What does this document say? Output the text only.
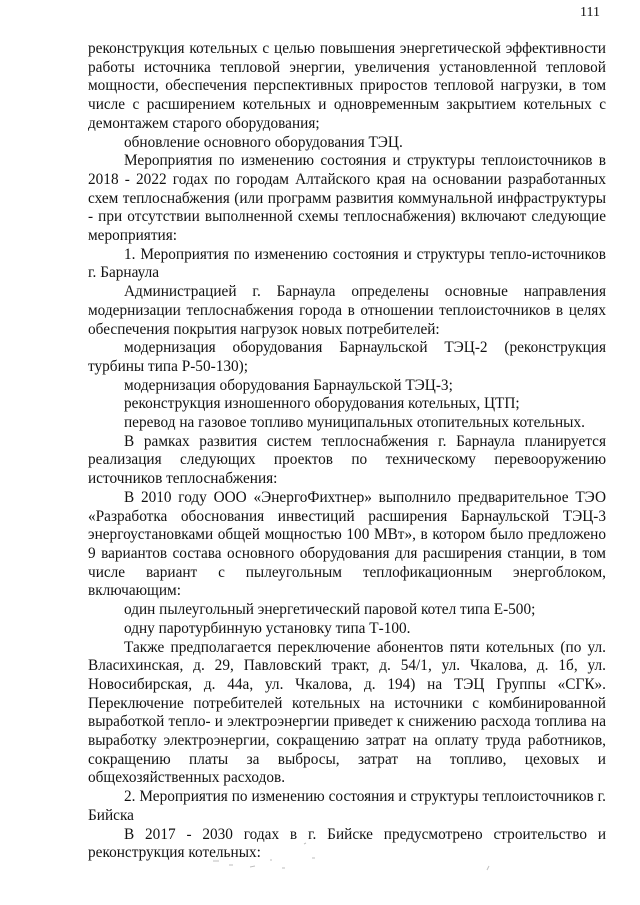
111

реконструкция котельных с целью повышения энергетической эффективности работы источника тепловой энергии, увеличения установленной тепловой мощности, обеспечения перспективных приростов тепловой нагрузки, в том числе с расширением котельных и одновременным закрытием котельных с демонтажем старого оборудования;

обновление основного оборудования ТЭЦ.

Мероприятия по изменению состояния и структуры теплоисточников в 2018 - 2022 годах по городам Алтайского края на основании разработанных схем теплоснабжения (или программ развития коммунальной инфраструктуры - при отсутствии выполненной схемы теплоснабжения) включают следующие мероприятия:

1. Мероприятия по изменению состояния и структуры тепло-источников г. Барнаула

Администрацией г. Барнаула определены основные направления модернизации теплоснабжения города в отношении теплоисточников в целях обеспечения покрытия нагрузок новых потребителей:

модернизация оборудования Барнаульской ТЭЦ-2 (реконструкция турбины типа Р-50-130);

модернизация оборудования Барнаульской ТЭЦ-3;

реконструкция изношенного оборудования котельных, ЦТП;

перевод на газовое топливо муниципальных отопительных котельных.

В рамках развития систем теплоснабжения г. Барнаула планируется реализация следующих проектов по техническому перевооружению источников теплоснабжения:

В 2010 году ООО «ЭнергоФихтнер» выполнило предварительное ТЭО «Разработка обоснования инвестиций расширения Барнаульской ТЭЦ-3 энергоустановками общей мощностью 100 МВт», в котором было предложено 9 вариантов состава основного оборудования для расширения станции, в том числе вариант с пылеугольным теплофикационным энергоблоком, включающим:

один пылеугольный энергетический паровой котел типа Е-500;

одну паротурбинную установку типа Т-100.

Также предполагается переключение абонентов пяти котельных (по ул. Власихинская, д. 29, Павловский тракт, д. 54/1, ул. Чкалова, д. 1б, ул. Новосибирская, д. 44а, ул. Чкалова, д. 194) на ТЭЦ Группы «СГК». Переключение потребителей котельных на источники с комбинированной выработкой тепло- и электроэнергии приведет к снижению расхода топлива на выработку электроэнергии, сокращению затрат на оплату труда работников, сокращению платы за выбросы, затрат на топливо, цеховых и общехозяйственных расходов.

2. Мероприятия по изменению состояния и структуры теплоисточников г. Бийска

В 2017 - 2030 годах в г. Бийске предусмотрено строительство и реконструкция котельных:
